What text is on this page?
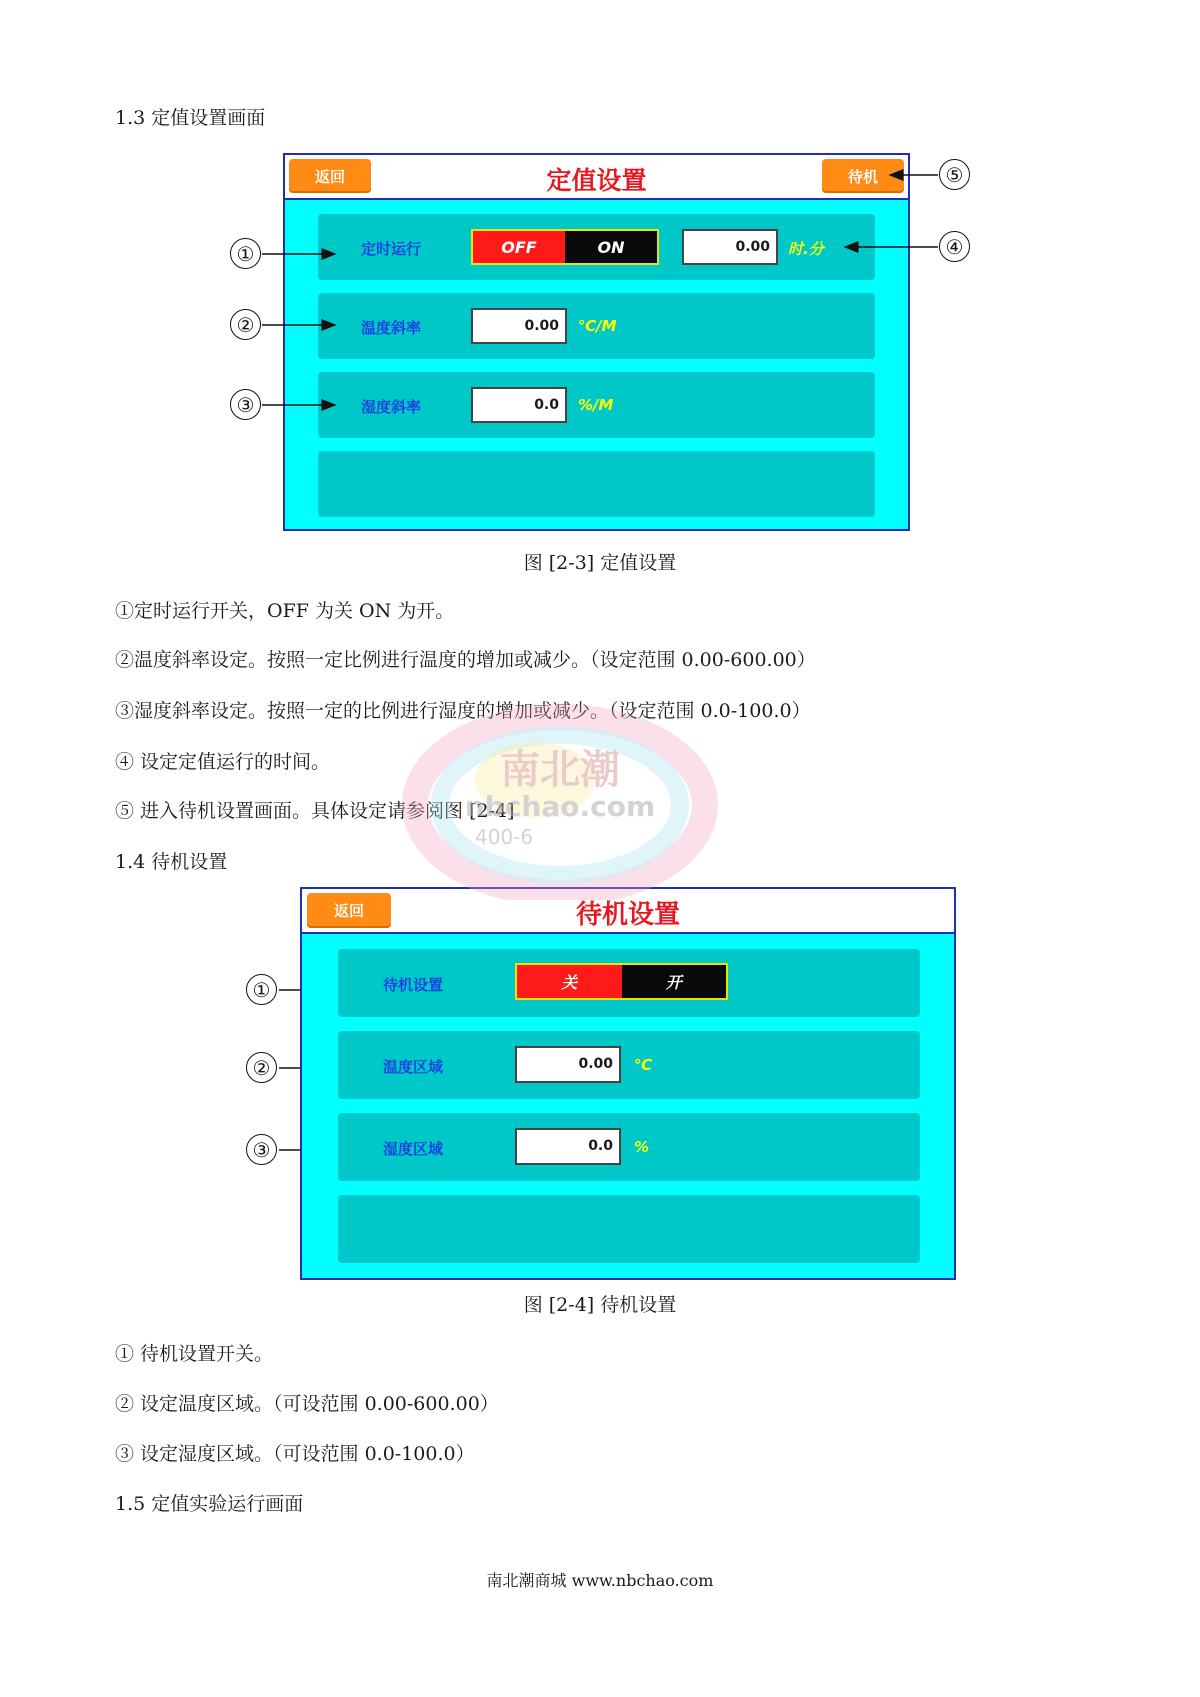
1.3 定值设置画面
返回	定值设置	待机
定时运行	OFF	ON	0.00	时.分
温度斜率	0.00	℃/M
湿度斜率	0.0	%/M
①
②
③
④
⑤
图 [2-3] 定值设置
①定时运行开关，OFF 为关 ON 为开。
②温度斜率设定。按照一定比例进行温度的增加或减少。（设定范围 0.00-600.00）
③湿度斜率设定。按照一定的比例进行湿度的增加或减少。（设定范围 0.0-100.0）
④ 设定定值运行的时间。
⑤ 进入待机设置画面。具体设定请参阅图 [2-4]
1.4 待机设置
返回	待机设置
待机设置	关	开
温度区域	0.00	℃
湿度区域	0.0	%
①
②
③
南北潮
nbchao.com
400-6
图 [2-4] 待机设置
① 待机设置开关。
② 设定温度区域。（可设范围 0.00-600.00）
③ 设定湿度区域。（可设范围 0.0-100.0）
1.5 定值实验运行画面
南北潮商城 www.nbchao.com
